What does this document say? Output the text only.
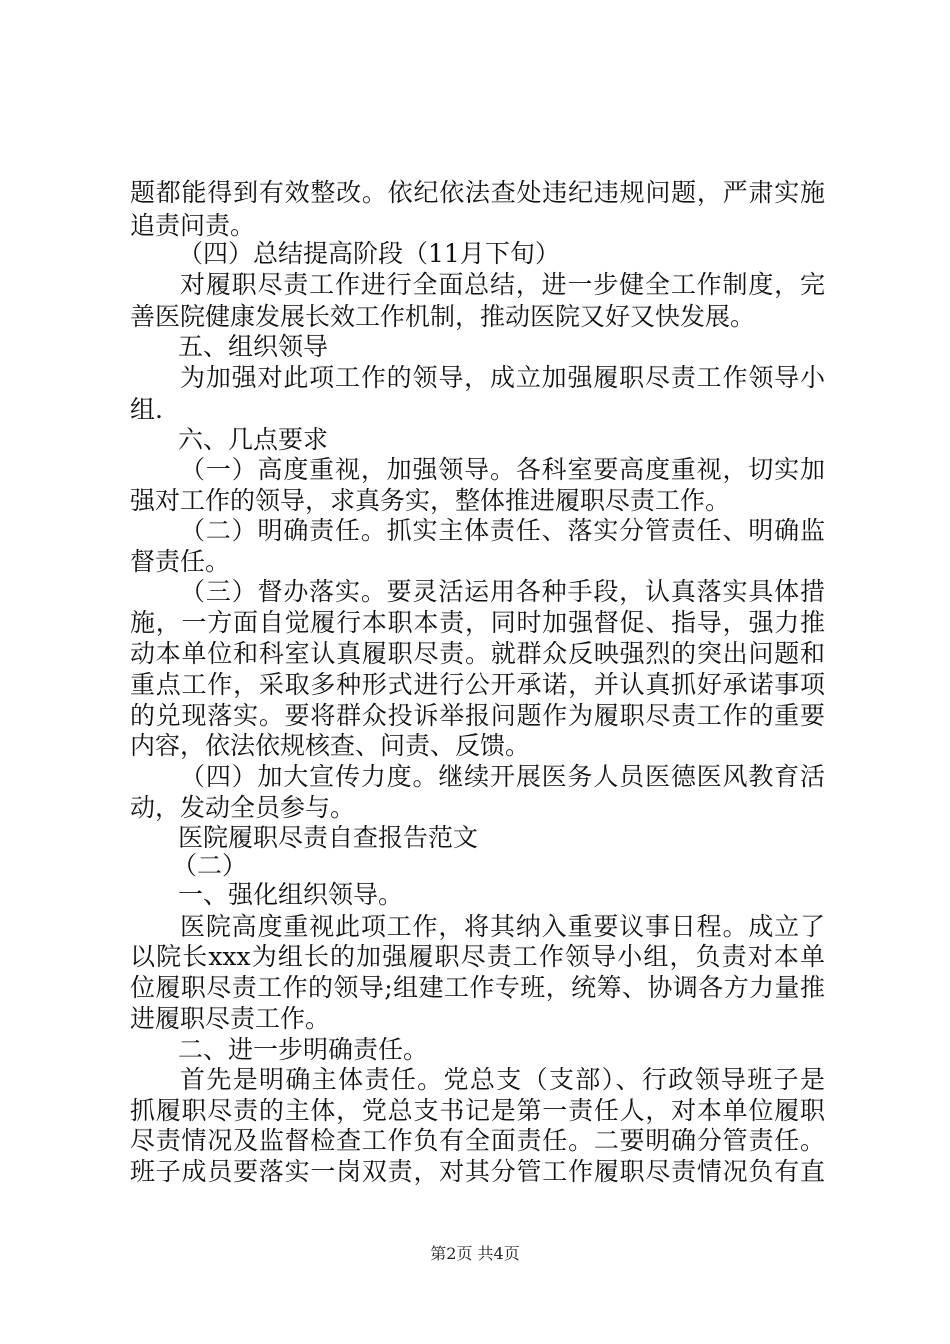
题都能得到有效整改。依纪依法查处违纪违规问题，严肃实施
追责问责。
（四）总结提高阶段（11月下旬）
对履职尽责工作进行全面总结，进一步健全工作制度，完
善医院健康发展长效工作机制，推动医院又好又快发展。
五、组织领导
为加强对此项工作的领导，成立加强履职尽责工作领导小
组.
六、几点要求
（一）高度重视，加强领导。各科室要高度重视，切实加
强对工作的领导，求真务实，整体推进履职尽责工作。
（二）明确责任。抓实主体责任、落实分管责任、明确监
督责任。
（三）督办落实。要灵活运用各种手段，认真落实具体措
施，一方面自觉履行本职本责，同时加强督促、指导，强力推
动本单位和科室认真履职尽责。就群众反映强烈的突出问题和
重点工作，采取多种形式进行公开承诺，并认真抓好承诺事项
的兑现落实。要将群众投诉举报问题作为履职尽责工作的重要
内容，依法依规核查、问责、反馈。
（四）加大宣传力度。继续开展医务人员医德医风教育活
动，发动全员参与。
医院履职尽责自查报告范文
（二）
一、强化组织领导。
医院高度重视此项工作，将其纳入重要议事日程。成立了
以院长xxx为组长的加强履职尽责工作领导小组，负责对本单
位履职尽责工作的领导;组建工作专班，统筹、协调各方力量推
进履职尽责工作。
二、进一步明确责任。
首先是明确主体责任。党总支（支部）、行政领导班子是
抓履职尽责的主体，党总支书记是第一责任人，对本单位履职
尽责情况及监督检查工作负有全面责任。二要明确分管责任。
班子成员要落实一岗双责，对其分管工作履职尽责情况负有直
第2页 共4页
